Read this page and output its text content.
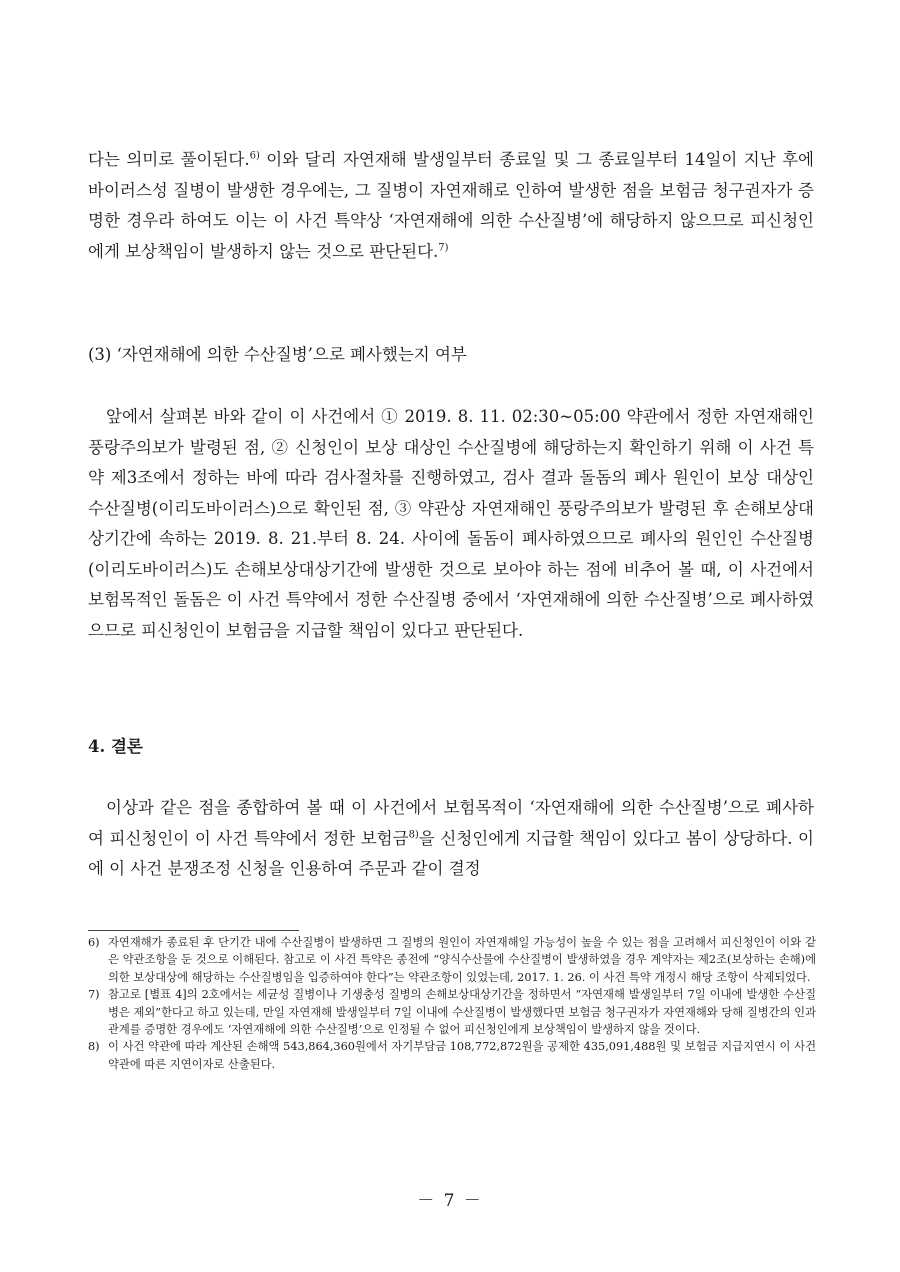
다는 의미로 풀이된다.$^{6)}$ 이와 달리 자연재해 발생일부터 종료일 및 그 종료일부터 14일이 지난 후에 바이러스성 질병이 발생한 경우에는, 그 질병이 자연재해로 인하여 발생한 점을 보험금 청구권자가 증명한 경우라 하여도 이는 이 사건 특약상 ‘자연재해에 의한 수산질병’에 해당하지 않으므로 피신청인에게 보상책임이 발생하지 않는 것으로 판단된다.$^{7)}$

(3) ‘자연재해에 의한 수산질병’으로 폐사했는지 여부

앞에서 살펴본 바와 같이 이 사건에서 ① 2019. 8. 11. 02:30∼05:00 약관에서 정한 자연재해인 풍랑주의보가 발령된 점, ② 신청인이 보상 대상인 수산질병에 해당하는지 확인하기 위해 이 사건 특약 제3조에서 정하는 바에 따라 검사절차를 진행하였고, 검사 결과 돌돔의 폐사 원인이 보상 대상인 수산질병(이리도바이러스)으로 확인된 점, ③ 약관상 자연재해인 풍랑주의보가 발령된 후 손해보상대상기간에 속하는 2019. 8. 21.부터 8. 24. 사이에 돌돔이 폐사하였으므로 폐사의 원인인 수산질병(이리도바이러스)도 손해보상대상기간에 발생한 것으로 보아야 하는 점에 비추어 볼 때, 이 사건에서 보험목적인 돌돔은 이 사건 특약에서 정한 수산질병 중에서 ‘자연재해에 의한 수산질병’으로 폐사하였으므로 피신청인이 보험금을 지급할 책임이 있다고 판단된다.

4. 결론

이상과 같은 점을 종합하여 볼 때 이 사건에서 보험목적이 ‘자연재해에 의한 수산질병’으로 폐사하여 피신청인이 이 사건 특약에서 정한 보험금$^{8)}$을 신청인에게 지급할 책임이 있다고 봄이 상당하다. 이에 이 사건 분쟁조정 신청을 인용하여 주문과 같이 결정

6) 자연재해가 종료된 후 단기간 내에 수산질병이 발생하면 그 질병의 원인이 자연재해일 가능성이 높을 수 있는 점을 고려해서 피신청인이 이와 같은 약관조항을 둔 것으로 이해된다. 참고로 이 사건 특약은 종전에 “양식수산물에 수산질병이 발생하였을 경우 계약자는 제2조(보상하는 손해)에 의한 보상대상에 해당하는 수산질병임을 입증하여야 한다”는 약관조항이 있었는데, 2017. 1. 26. 이 사건 특약 개정시 해당 조항이 삭제되었다.
7) 참고로 [별표 4]의 2호에서는 세균성 질병이나 기생충성 질병의 손해보상대상기간을 정하면서 “자연재해 발생일부터 7일 이내에 발생한 수산질병은 제외”한다고 하고 있는데, 만일 자연재해 발생일부터 7일 이내에 수산질병이 발생했다면 보험금 청구권자가 자연재해와 당해 질병간의 인과관계를 증명한 경우에도 ‘자연재해에 의한 수산질병’으로 인정될 수 없어 피신청인에게 보상책임이 발생하지 않을 것이다.
8) 이 사건 약관에 따라 계산된 손해액 543,864,360원에서 자기부담금 108,772,872원을 공제한 435,091,488원 및 보험금 지급지연시 이 사건 약관에 따른 지연이자로 산출된다.
－ 7 －
